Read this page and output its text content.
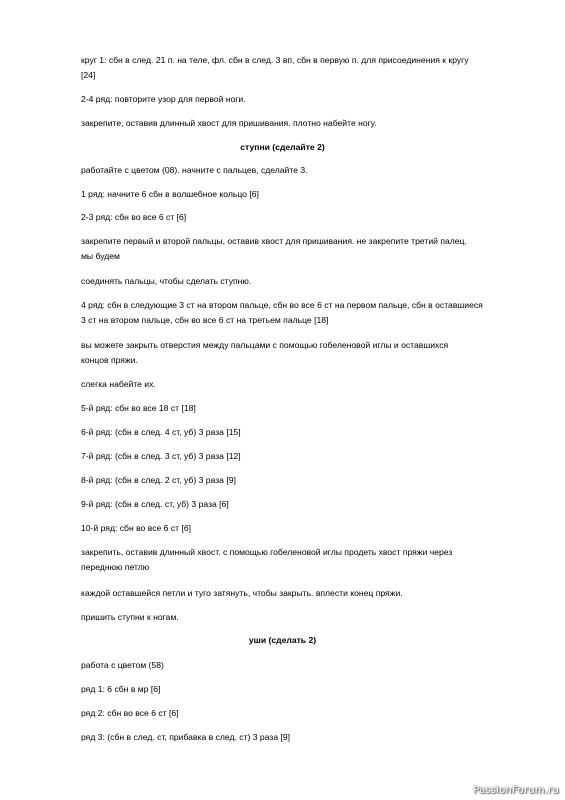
круг 1: сбн в след. 21 п. на теле, фл. сбн в след. 3 вп, сбн в первую п. для присоединения к кругу
[24]
2-4 ряд: повторите узор для первой ноги.
закрепите, оставив длинный хвост для пришивания. плотно набейте ногу.
ступни (сделайте 2)
работайте с цветом (08). начните с пальцев, сделайте 3.
1 ряд: начните 6 сбн в волшебное кольцо [6]
2-3 ряд: сбн во все 6 ст [6]
закрепите первый и второй пальцы, оставив хвост для пришивания. не закрепите третий палец.
мы будем
соединять пальцы, чтобы сделать ступню.
4 ряд: сбн в следующие 3 ст на втором пальце, сбн во все 6 ст на первом пальце, сбн в оставшиеся
3 ст на втором пальце, сбн во все 6 ст на третьем пальце [18]
вы можете закрыть отверстия между пальцами с помощью гобеленовой иглы и оставшихся
концов пряжи.
слегка набейте их.
5-й ряд: сбн во все 18 ст [18]
6-й ряд: (сбн в след. 4 ст, уб) 3 раза [15]
7-й ряд: (сбн в след. 3 ст, уб) 3 раза [12]
8-й ряд: (сбн в след. 2 ст, уб) 3 раза [9]
9-й ряд: (сбн в след. ст, уб) 3 раза [6]
10-й ряд: сбн во все 6 ст [6]
закрепить, оставив длинный хвост. с помощью гобеленовой иглы продеть хвост пряжи через
переднюю петлю
каждой оставшейся петли и туго затянуть, чтобы закрыть. вплести конец пряжи.
пришить ступни к ногам.
уши (сделать 2)
работа с цветом (58)
ряд 1: 6 сбн в мр [6]
ряд 2: сбн во все 6 ст [6]
ряд 3: (сбн в след. ст, прибавка в след. ст) 3 раза [9]
PassionForum.ru
